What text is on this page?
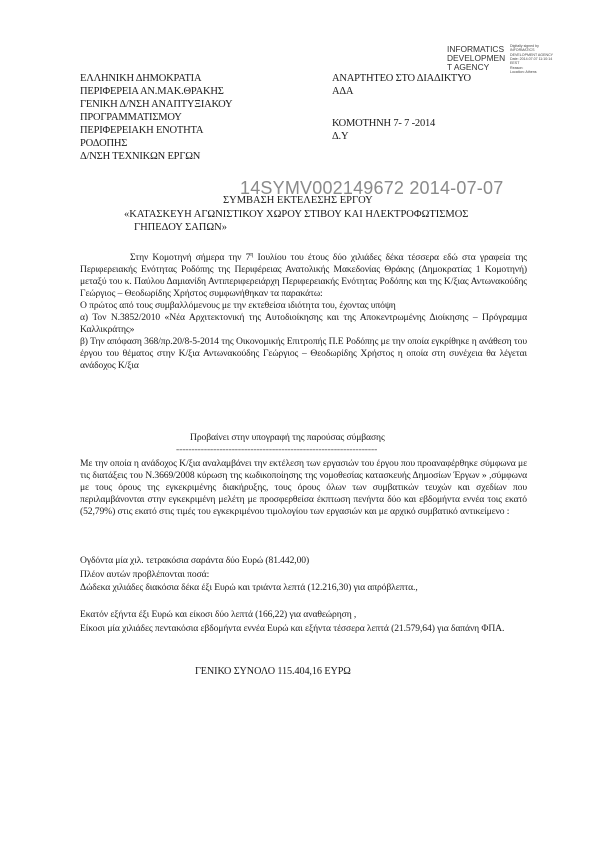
INFORMATICS
DEVELOPMEN
T AGENCY
Digitally signed by
INFORMATICS
DEVELOPMENT AGENCY
Date: 2014.07.07 11:10:14
EEST
Reason:
Location: Athens
ΕΛΛΗΝΙΚΗ ΔΗΜΟΚΡΑΤΙΑ
ΠΕΡΙΦΕΡΕΙΑ ΑΝ.ΜΑΚ.ΘΡΑΚΗΣ
ΓΕΝΙΚΗ Δ/ΝΣΗ ΑΝΑΠΤΥΞΙΑΚΟΥ
ΠΡΟΓΡΑΜΜΑΤΙΣΜΟΥ
ΠΕΡΙΦΕΡΕΙΑΚΗ ΕΝΟΤΗΤΑ
ΡΟΔΟΠΗΣ
Δ/ΝΣΗ ΤΕΧΝΙΚΩΝ ΕΡΓΩΝ
ΑΝΑΡΤΗΤΕΟ ΣΤΟ ΔΙΑΔΙΚΤΥΟ
ΑΔΑ
ΚΟΜΟΤΗΝΗ 7- 7 -2014
Δ.Υ
14SYMV002149672 2014-07-07
ΣΥΜΒΑΣΗ ΕΚΤΕΛΕΣΗΣ ΕΡΓΟΥ
«ΚΑΤΑΣΚΕΥΗ ΑΓΩΝΙΣΤΙΚΟΥ ΧΩΡΟΥ ΣΤΙΒΟΥ ΚΑΙ ΗΛΕΚΤΡΟΦΩΤΙΣΜΟΣ
ΓΗΠΕΔΟΥ ΣΑΠΩΝ»
Στην Κομοτηνή σήμερα την $7^\eta$ Ιουλίου του έτους δύο χιλιάδες δέκα τέσσερα εδώ στα γραφεία της Περιφερειακής Ενότητας Ροδόπης της Περιφέρειας Ανατολικής Μακεδονίας Θράκης (Δημοκρατίας 1 Κομοτηνή) μεταξύ του κ. Παύλου Δαμιανίδη Αντιπεριφερειάρχη Περιφερειακής Ενότητας Ροδόπης και της Κ/ξιας Αντωνακούδης Γεώργιος – Θεοδωρίδης Χρήστος συμφωνήθηκαν τα παρακάτω:
Ο πρώτος από τους συμβαλλόμενους με την εκτεθείσα ιδιότητα του, έχοντας υπόψη
α) Τον Ν.3852/2010 «Νέα Αρχιτεκτονική της Αυτοδιοίκησης και της Αποκεντρωμένης Διοίκησης – Πρόγραμμα Καλλικράτης»
β) Την απόφαση 368/πρ.20/8-5-2014 της Οικονομικής Επιτροπής Π.Ε Ροδόπης με την οποία εγκρίθηκε η ανάθεση του έργου του θέματος στην Κ/ξια Αντωνακούδης Γεώργιος – Θεοδωρίδης Χρήστος η οποία στη συνέχεια θα λέγεται ανάδοχος Κ/ξια
Προβαίνει στην υπογραφή της παρούσας σύμβασης
-----------------------------------------------------------------
Με την οποία η ανάδοχος Κ/ξια αναλαμβάνει την εκτέλεση των εργασιών του έργου που προαναφέρθηκε σύμφωνα με τις διατάξεις του Ν.3669/2008 κύρωση της κωδικοποίησης της νομοθεσίας κατασκευής Δημοσίων Έργων » ,σύμφωνα με τους όρους της εγκεκριμένης διακήρυξης, τους όρους όλων των συμβατικών τευχών και σχεδίων που περιλαμβάνονται στην εγκεκριμένη μελέτη με προσφερθείσα έκπτωση πενήντα δύο και εβδομήντα εννέα τοις εκατό (52,79%) στις εκατό στις τιμές του εγκεκριμένου τιμολογίου των εργασιών και με αρχικό συμβατικό αντικείμενο :
Ογδόντα μία χιλ. τετρακόσια σαράντα δύο Ευρώ (81.442,00)
Πλέον αυτών προβλέπονται ποσά:
Δώδεκα χιλιάδες διακόσια δέκα έξι Ευρώ και τριάντα λεπτά (12.216,30) για απρόβλεπτα.,
Εκατόν εξήντα έξι Ευρώ και είκοσι δύο λεπτά (166,22) για αναθεώρηση ,
Είκοσι μία χιλιάδες πεντακόσια εβδομήντα εννέα Ευρώ και εξήντα τέσσερα λεπτά (21.579,64) για δαπάνη ΦΠΑ.
ΓΕΝΙΚΟ ΣΥΝΟΛΟ 115.404,16 ΕΥΡΩ
